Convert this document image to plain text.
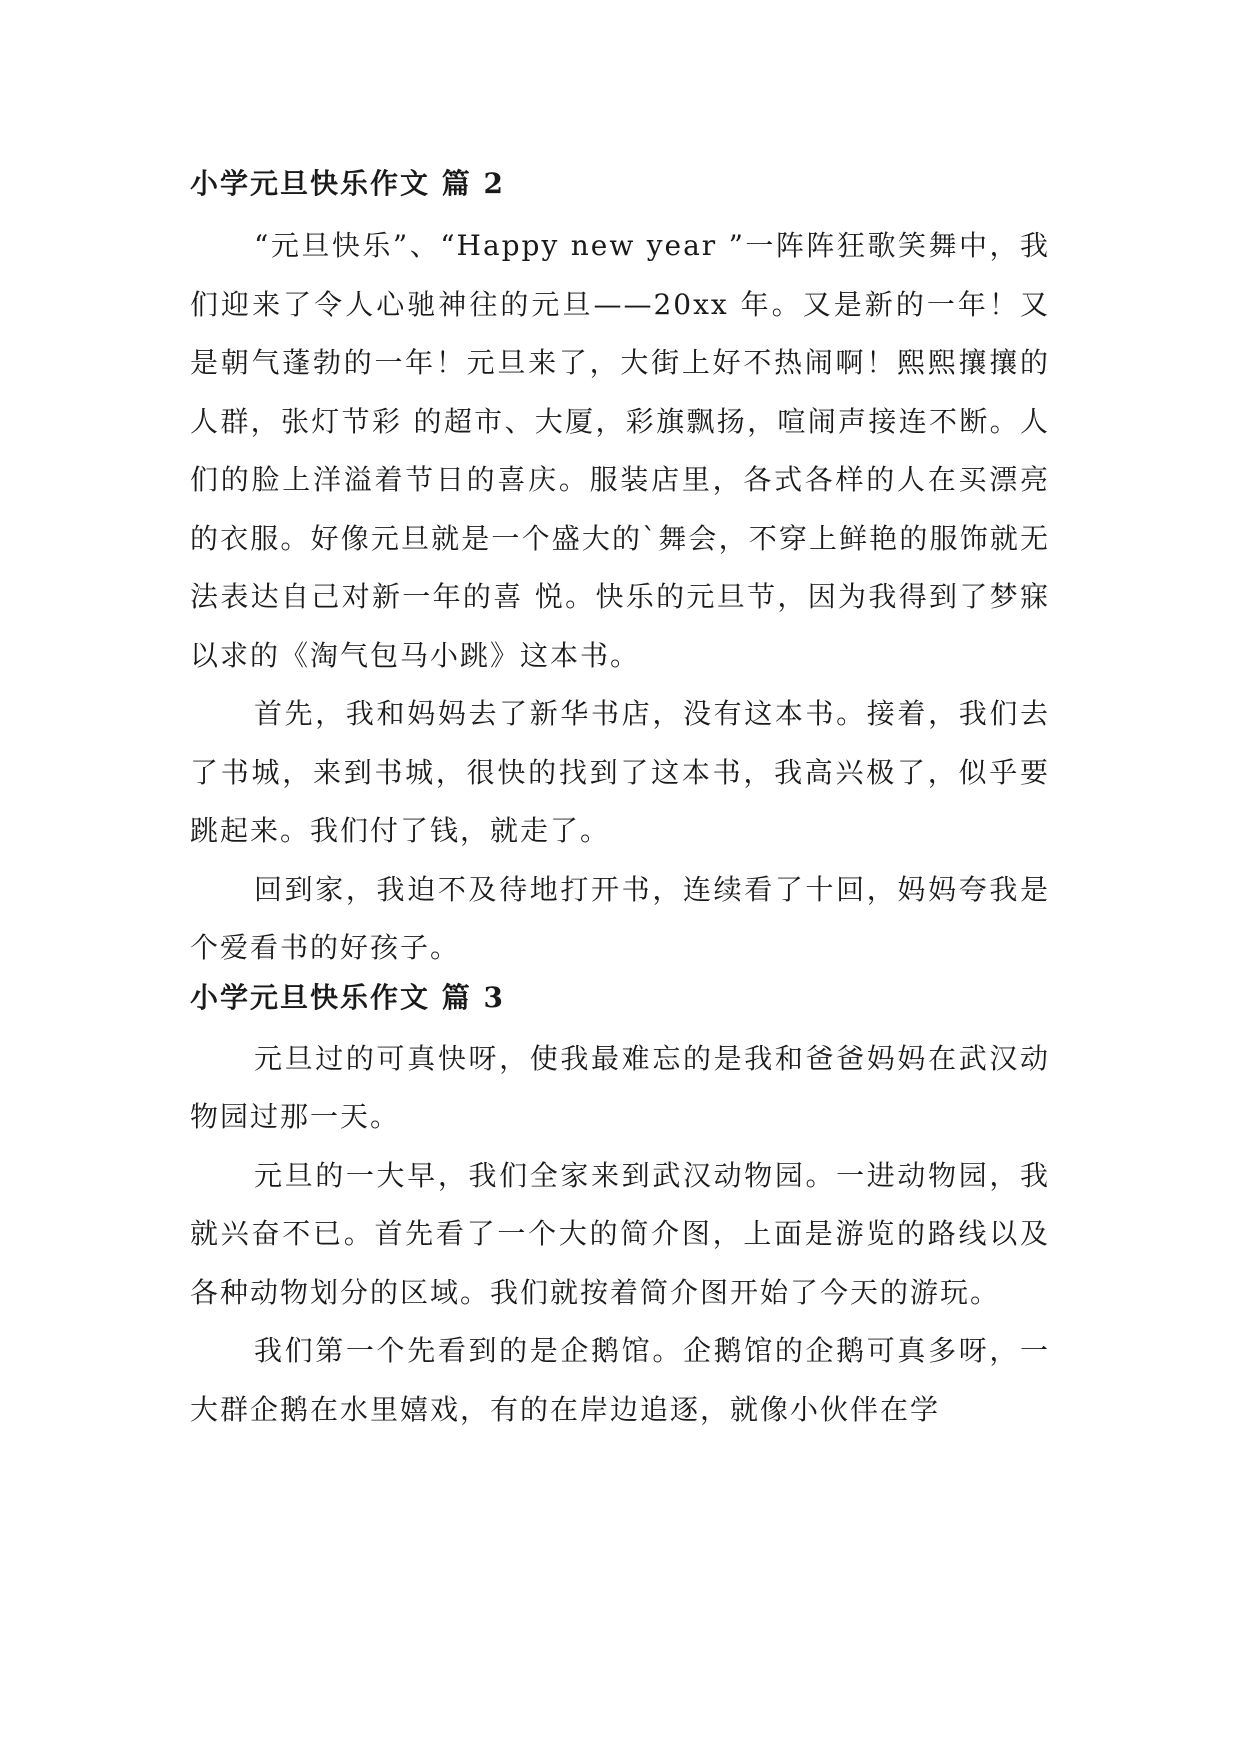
小学元旦快乐作文 篇 2

“元旦快乐”、“Happy new year ”一阵阵狂歌笑舞中，我们迎来了令人心驰神往的元旦——20xx 年。又是新的一年！又是朝气蓬勃的一年！元旦来了，大街上好不热闹啊！熙熙攘攘的人群，张灯节彩 的超市、大厦，彩旗飘扬，喧闹声接连不断。人们的脸上洋溢着节日的喜庆。服装店里，各式各样的人在买漂亮的衣服。好像元旦就是一个盛大的`舞会，不穿上鲜艳的服饰就无法表达自己对新一年的喜 悦。快乐的元旦节，因为我得到了梦寐以求的《淘气包马小跳》这本书。

首先，我和妈妈去了新华书店，没有这本书。接着，我们去了书城，来到书城，很快的找到了这本书，我高兴极了，似乎要跳起来。我们付了钱，就走了。

回到家，我迫不及待地打开书，连续看了十回，妈妈夸我是个爱看书的好孩子。

小学元旦快乐作文 篇 3

元旦过的可真快呀，使我最难忘的是我和爸爸妈妈在武汉动物园过那一天。

元旦的一大早，我们全家来到武汉动物园。一进动物园，我就兴奋不已。首先看了一个大的简介图，上面是游览的路线以及各种动物划分的区域。我们就按着简介图开始了今天的游玩。

我们第一个先看到的是企鹅馆。企鹅馆的企鹅可真多呀，一大群企鹅在水里嬉戏，有的在岸边追逐，就像小伙伴在学
